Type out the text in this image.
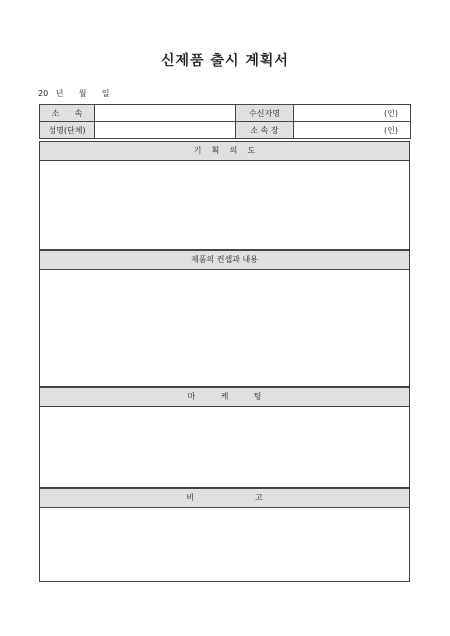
신제품 출시 계획서
20   년      월      일
소      속		수신자명	(인)
성명(단체)		소 속 장	(인)
기    획    의    도
제품의 컨셉과 내용
마          케          팅
비                        고
